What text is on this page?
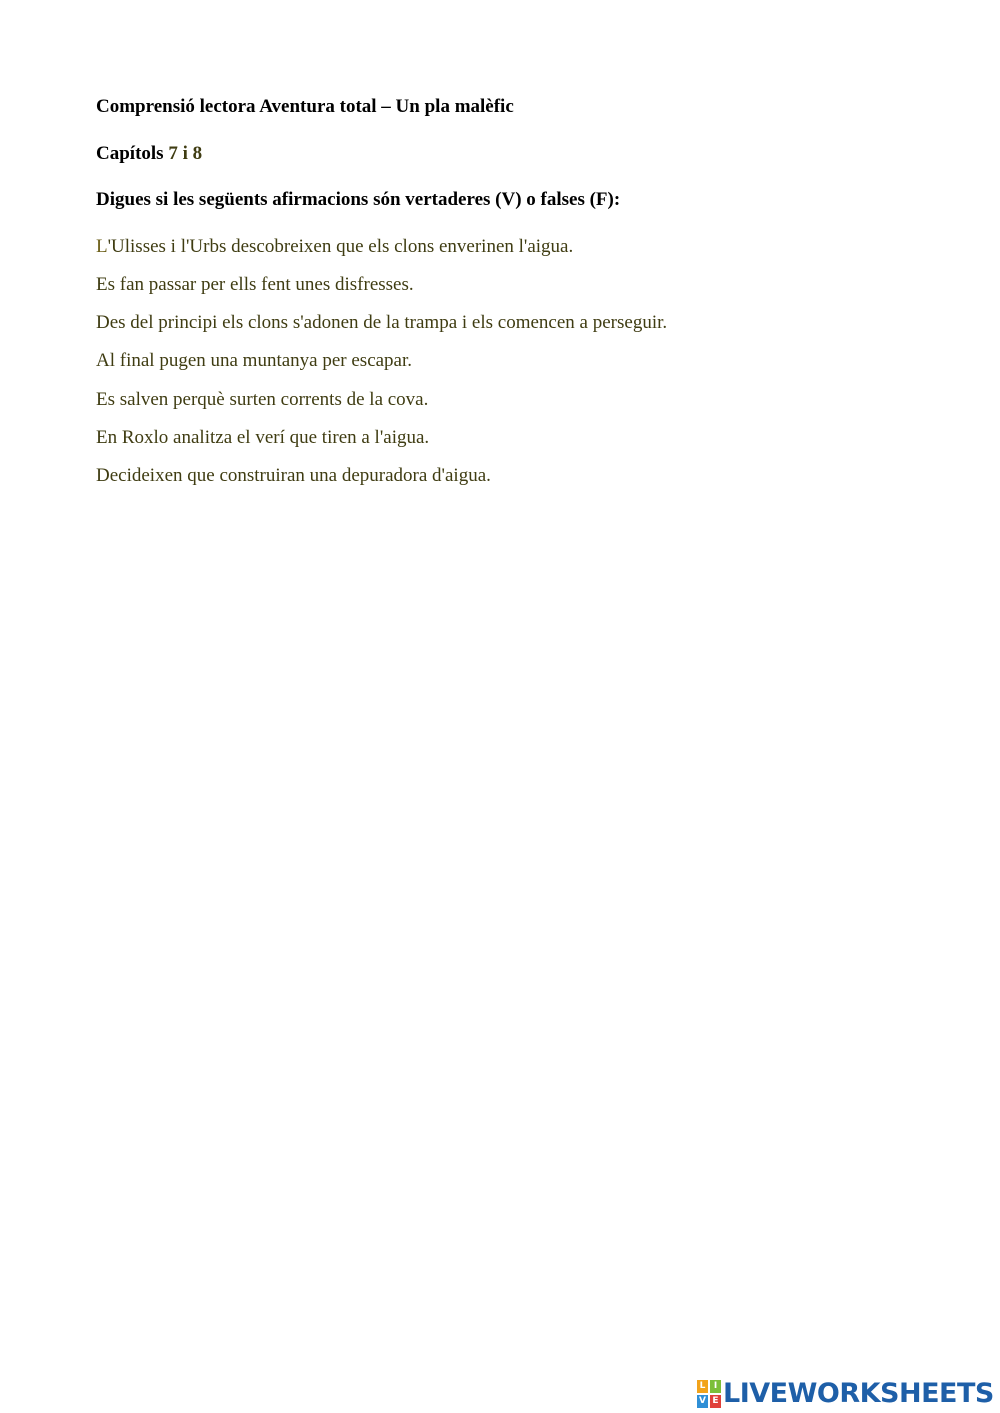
Comprensió lectora Aventura total – Un pla malèfic
Capítols 7 i 8
Digues si les següents afirmacions són vertaderes (V) o falses (F):
L'Ulisses i l'Urbs descobreixen que els clons enverinen l'aigua.
Es fan passar per ells fent unes disfresses.
Des del principi els clons s'adonen de la trampa i els comencen a perseguir.
Al final pugen una muntanya per escapar.
Es salven perquè surten corrents de la cova.
En Roxlo analitza el verí que tiren a l'aigua.
Decideixen que construiran una depuradora d'aigua.
L I
V E LIVEWORKSHEETS
